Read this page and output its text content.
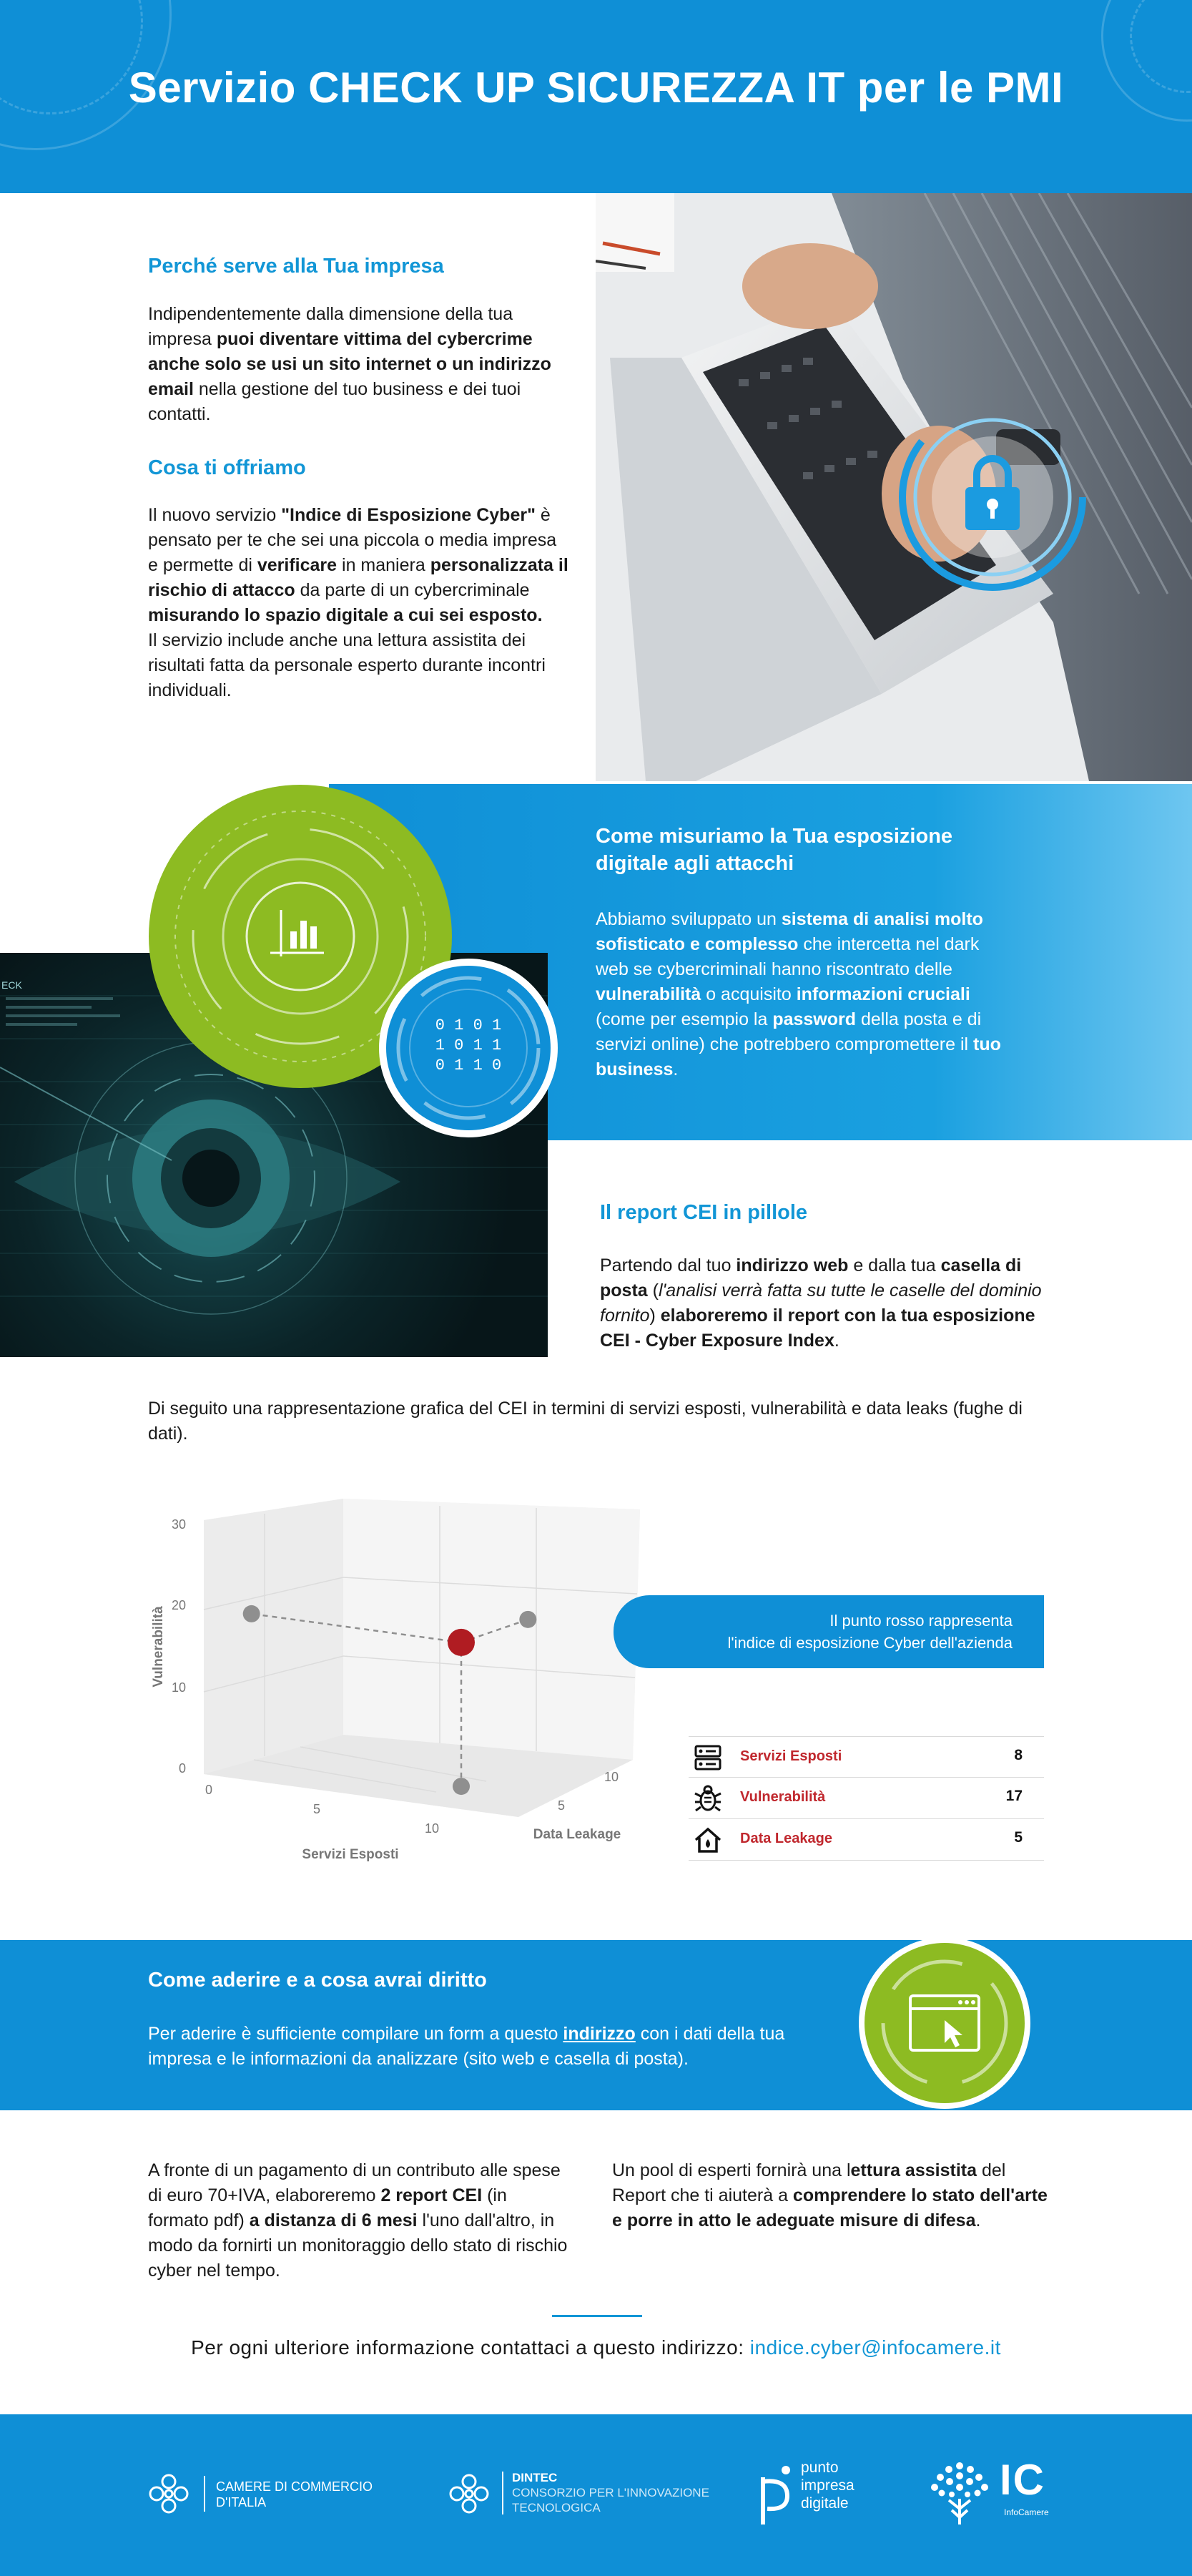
Servizio CHECK UP SICUREZZA IT per le PMI
Perché serve alla Tua impresa
Indipendentemente dalla dimensione della tua impresa puoi diventare vittima del cybercrime anche solo se usi un sito internet o un indirizzo email nella gestione del tuo business e dei tuoi contatti.
Cosa ti offriamo
Il nuovo servizio "Indice di Esposizione Cyber" è pensato per te che sei una piccola o media impresa e permette di verificare in maniera personalizzata il rischio di attacco da parte di un cybercriminale misurando lo spazio digitale a cui sei esposto.
Il servizio include anche una lettura assistita dei risultati fatta da personale esperto durante incontri individuali.
ECK
0 1 0 1
1 0 1 1
0 1 1 0
Come misuriamo la Tua esposizione digitale agli attacchi
Abbiamo sviluppato un sistema di analisi molto sofisticato e complesso che intercetta nel dark web se cybercriminali hanno riscontrato delle vulnerabilità o acquisito informazioni cruciali (come per esempio la password della posta e di servizi online) che potrebbero compromettere il tuo business.
Il report CEI in pillole
Partendo dal tuo indirizzo web e dalla tua casella di posta (l'analisi verrà fatta su tutte le caselle del dominio fornito) elaboreremo il report con la tua esposizione CEI - Cyber Exposure Index.
Di seguito una rappresentazione grafica del CEI in termini di servizi esposti, vulnerabilità e data leaks (fughe di dati).
30
20
10
0
0
5
10
5
10
Servizi Esposti
Data Leakage
Vulnerabilità	Il punto rosso rappresenta
l'indice di esposizione Cyber dell'azienda
Servizi Esposti	8
Vulnerabilità	17
Data Leakage	5
Come aderire e a cosa avrai diritto
Per aderire è sufficiente compilare un form a questo indirizzo con i dati della tua impresa e le informazioni da analizzare (sito web e casella di posta).
A fronte di un pagamento di un contributo alle spese di euro 70+IVA, elaboreremo 2 report CEI (in formato pdf) a distanza di 6 mesi l'uno dall'altro, in modo da fornirti un monitoraggio dello stato di rischio cyber nel tempo.
Un pool di esperti fornirà una lettura assistita del Report che ti aiuterà a comprendere lo stato dell'arte e porre in atto le adeguate misure di difesa.
Per ogni ulteriore informazione contattaci a questo indirizzo: indice.cyber@infocamere.it
CAMERE DI COMMERCIO
D'ITALIA
DINTEC
CONSORZIO PER L'INNOVAZIONE
TECNOLOGICA
punto
impresa
digitale	IC
InfoCamere
